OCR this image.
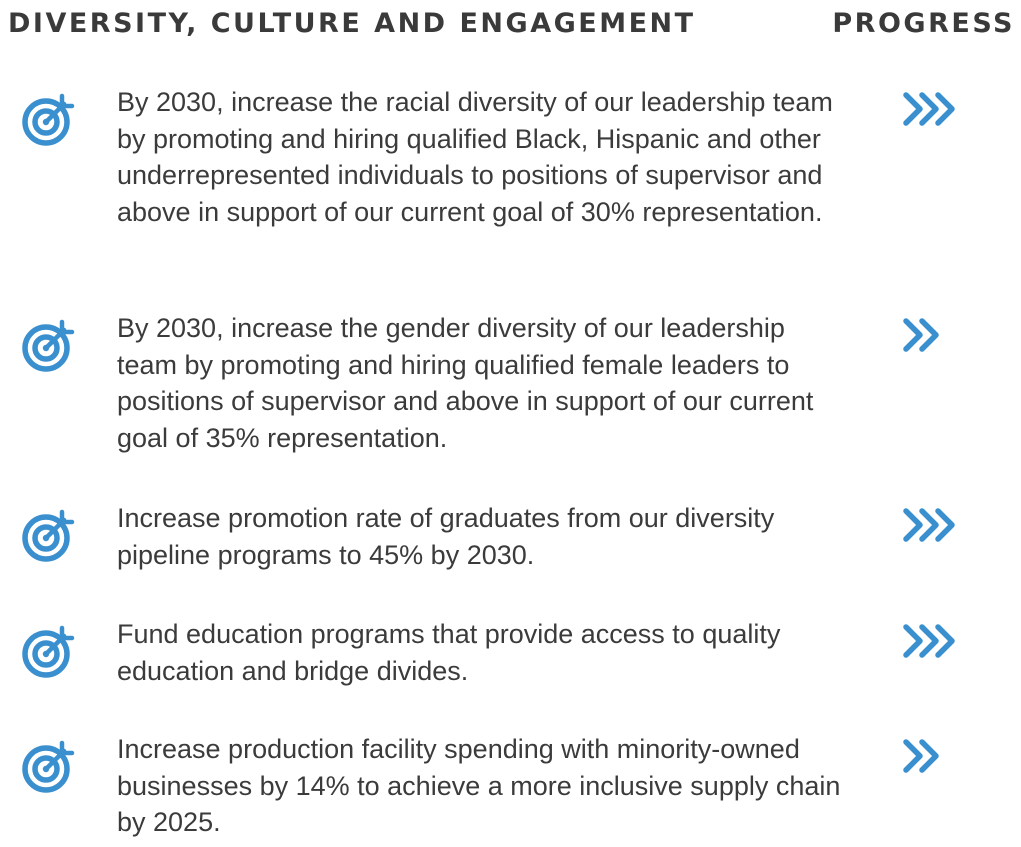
DIVERSITY, CULTURE AND ENGAGEMENT	PROGRESS

By 2030, increase the racial diversity of our leadership team by promoting and hiring qualified Black, Hispanic and other underrepresented individuals to positions of supervisor and above in support of our current goal of 30% representation.

By 2030, increase the gender diversity of our leadership team by promoting and hiring qualified female leaders to positions of supervisor and above in support of our current goal of 35% representation.

Increase promotion rate of graduates from our diversity pipeline programs to 45% by 2030.

Fund education programs that provide access to quality education and bridge divides.

Increase production facility spending with minority-owned businesses by 14% to achieve a more inclusive supply chain by 2025.
